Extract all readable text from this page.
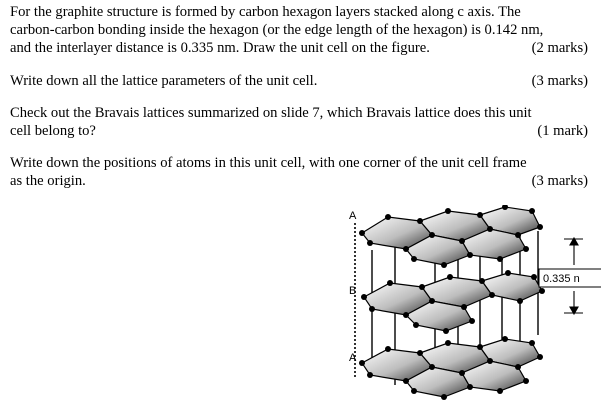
For the graphite structure is formed by carbon hexagon layers stacked along c axis. The

carbon-carbon bonding inside the hexagon (or the edge length of the hexagon) is 0.142 nm,

and the interlayer distance is 0.335 nm. Draw the unit cell on the figure.	(2 marks)

Write down all the lattice parameters of the unit cell.	(3 marks)

Check out the Bravais lattices summarized on slide 7, which Bravais lattice does this unit

cell belong to?	(1 mark)

Write down the positions of atoms in this unit cell, with one corner of the unit cell frame

as the origin.	(3 marks)

A
B
A
0.335 n
